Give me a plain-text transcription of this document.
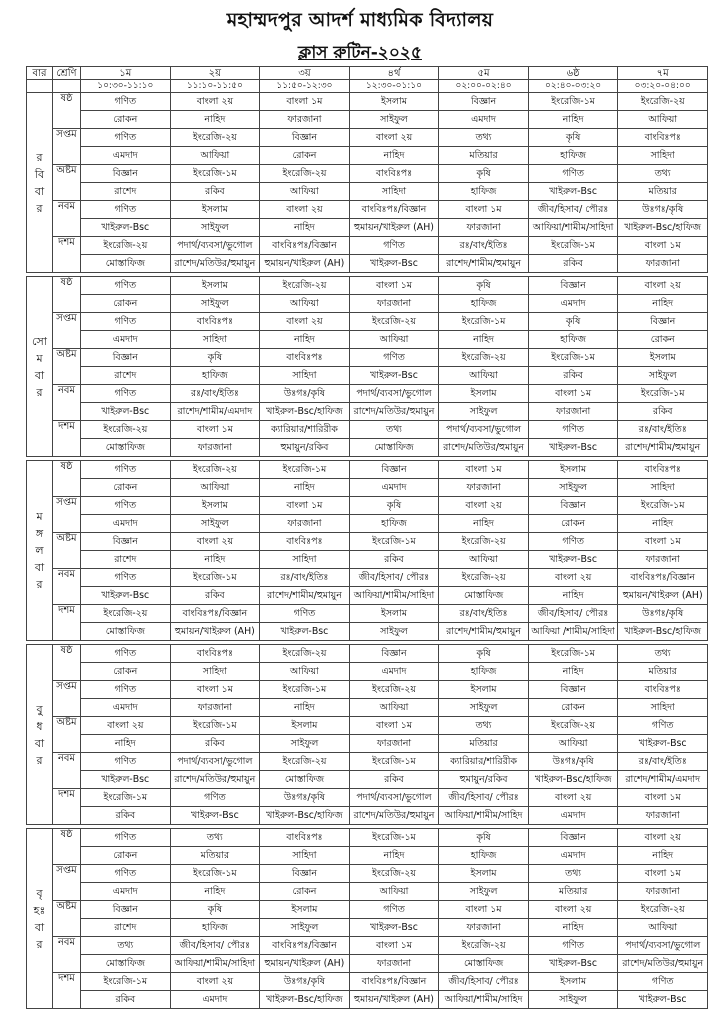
মহাম্মদপুর আদর্শ মাধ্যমিক বিদ্যালয়
ক্লাস রুটিন-২০২৫
বার	শ্রেণি	১ম	২য়	৩য়	৪র্থ	৫ম	৬ষ্ঠ	৭ম
		১০:৩০-১১:১০	১১:১০-১১:৫০	১১:৫০-১২:৩০	১২:৩০-০১:১০	০২:০০-০২:৪০	০২:৪০-০৩:২০	০৩:২০-০৪:০০

র
বি
বা
র	ষষ্ঠ	গণিত	বাংলা ২য়	বাংলা ১ম	ইসলাম	বিজ্ঞান	ইংরেজি-১ম	ইংরেজি-২য়
		রোকন	নাহিদ	ফারজানা	সাইফুল	এমদাদ	নাহিদ	আফিয়া
	সপ্তম	গণিত	ইংরেজি-২য়	বিজ্ঞান	বাংলা ২য়	তথ্য	কৃষি	বাংবিঃপঃ
		এমদাদ	আফিয়া	রোকন	নাহিদ	মতিয়ার	হাফিজ	সাহিদা
	অষ্টম	বিজ্ঞান	ইংরেজি-১ম	ইংরেজি-২য়	বাংবিঃপঃ	কৃষি	গণিত	তথ্য
		রাশেদ	রকিব	আফিয়া	সাহিদা	হাফিজ	খাইরুল-Bsc	মতিয়ার
	নবম	গণিত	ইসলাম	বাংলা ২য়	বাংবিঃপঃ/বিজ্ঞান	বাংলা ১ম	জীব/হিসাব/ পৌরঃ	উঃগঃ/কৃষি
		খাইরুল-Bsc	সাইফুল	নাহিদ	হুমায়ন/খাইরুল (AH)	ফারজানা	আফিয়া/শামীম/সাহিদা	খাইরুল-Bsc/হাফিজ
	দশম	ইংরেজি-২য়	পদার্থ/ব্যবসা/ভুগোল	বাংবিঃপঃ/বিজ্ঞান	গণিত	রঃ/বাং/ইতিঃ	ইংরেজি-১ম	বাংলা ১ম
		মোস্তাফিজ	রাশেদ/মতিউর/হুমায়ুন	হুমায়ন/খাইরুল (AH)	খাইরুল-Bsc	রাশেদ/শামীম/হুমায়ুন	রকিব	ফারজানা

সো
ম
বা
র	ষষ্ঠ	গণিত	ইসলাম	ইংরেজি-২য়	বাংলা ১ম	কৃষি	বিজ্ঞান	বাংলা ২য়
		রোকন	সাইফুল	আফিয়া	ফারজানা	হাফিজ	এমদাদ	নাহিদ
	সপ্তম	গণিত	বাংবিঃপঃ	বাংলা ২য়	ইংরেজি-২য়	ইংরেজি-১ম	কৃষি	বিজ্ঞান
		এমদাদ	সাহিদা	নাহিদ	আফিয়া	নাহিদ	হাফিজ	রোকন
	অষ্টম	বিজ্ঞান	কৃষি	বাংবিঃপঃ	গণিত	ইংরেজি-২য়	ইংরেজি-১ম	ইসলাম
		রাশেদ	হাফিজ	সাহিদা	খাইরুল-Bsc	আফিয়া	রকিব	সাইফুল
	নবম	গণিত	রঃ/বাং/ইতিঃ	উঃগঃ/কৃষি	পদার্থ/ব্যবসা/ভুগোল	ইসলাম	বাংলা ১ম	ইংরেজি-১ম
		খাইরুল-Bsc	রাশেদ/শামীম/এমদাদ	খাইরুল-Bsc/হাফিজ	রাশেদ/মতিউর/হুমায়ুন	সাইফুল	ফারজানা	রকিব
	দশম	ইংরেজি-২য়	বাংলা ১ম	ক্যারিয়ার/শারিরীক	তথ্য	পদার্থ/ব্যবসা/ভুগোল	গণিত	রঃ/বাং/ইতিঃ
		মোস্তাফিজ	ফারজানা	হুমায়ুন/রকিব	মোস্তাফিজ	রাশেদ/মতিউর/হুমায়ুন	খাইরুল-Bsc	রাশেদ/শামীম/হুমায়ুন

ম
ঙ্গ
ল
বা
র	ষষ্ঠ	গণিত	ইংরেজি-২য়	ইংরেজি-১ম	বিজ্ঞান	বাংলা ১ম	ইসলাম	বাংবিঃপঃ
		রোকন	আফিয়া	নাহিদ	এমদাদ	ফারজানা	সাইফুল	সাহিদা
	সপ্তম	গণিত	ইসলাম	বাংলা ১ম	কৃষি	বাংলা ২য়	বিজ্ঞান	ইংরেজি-১ম
		এমদাদ	সাইফুল	ফারজানা	হাফিজ	নাহিদ	রোকন	নাহিদ
	অষ্টম	বিজ্ঞান	বাংলা ২য়	বাংবিঃপঃ	ইংরেজি-১ম	ইংরেজি-২য়	গণিত	বাংলা ১ম
		রাশেদ	নাহিদ	সাহিদা	রকিব	আফিয়া	খাইরুল-Bsc	ফারজানা
	নবম	গণিত	ইংরেজি-১ম	রঃ/বাং/ইতিঃ	জীব/হিসাব/ পৌরঃ	ইংরেজি-২য়	বাংলা ২য়	বাংবিঃপঃ/বিজ্ঞান
		খাইরুল-Bsc	রকিব	রাশেদ/শামীম/হুমায়ুন	আফিয়া/শামীম/সাহিদা	মোস্তাফিজ	নাহিদ	হুমায়ন/খাইরুল (AH)
	দশম	ইংরেজি-২য়	বাংবিঃপঃ/বিজ্ঞান	গণিত	ইসলাম	রঃ/বাং/ইতিঃ	জীব/হিসাব/ পৌরঃ	উঃগঃ/কৃষি
		মোস্তাফিজ	হুমায়ন/খাইরুল (AH)	খাইরুল-Bsc	সাইফুল	রাশেদ/শামীম/হুমায়ুন	আফিয়া /শামীম/সাহিদা	খাইরুল-Bsc/হাফিজ

বু
ধ
বা
র	ষষ্ঠ	গণিত	বাংবিঃপঃ	ইংরেজি-২য়	বিজ্ঞান	কৃষি	ইংরেজি-১ম	তথ্য
		রোকন	সাহিদা	আফিয়া	এমদাদ	হাফিজ	নাহিদ	মতিয়ার
	সপ্তম	গণিত	বাংলা ১ম	ইংরেজি-১ম	ইংরেজি-২য়	ইসলাম	বিজ্ঞান	বাংবিঃপঃ
		এমদাদ	ফারজানা	নাহিদ	আফিয়া	সাইফুল	রোকন	সাহিদা
	অষ্টম	বাংলা ২য়	ইংরেজি-১ম	ইসলাম	বাংলা ১ম	তথ্য	ইংরেজি-২য়	গণিত
		নাহিদ	রকিব	সাইফুল	ফারজানা	মতিয়ার	আফিয়া	খাইরুল-Bsc
	নবম	গণিত	পদার্থ/ব্যবসা/ভুগোল	ইংরেজি-২য়	ইংরেজি-১ম	ক্যারিয়ার/শারিরীক	উঃগঃ/কৃষি	রঃ/বাং/ইতিঃ
		খাইরুল-Bsc	রাশেদ/মতিউর/হুমায়ুন	মোস্তাফিজ	রকিব	হুমায়ুন/রকিব	খাইরুল-Bsc/হাফিজ	রাশেদ/শামীম/এমদাদ
	দশম	ইংরেজি-১ম	গণিত	উঃগঃ/কৃষি	পদার্থ/ব্যবসা/ভুগোল	জীব/হিসাব/ পৌরঃ	বাংলা ২য়	বাংলা ১ম
		রকিব	খাইরুল-Bsc	খাইরুল-Bsc/হাফিজ	রাশেদ/মতিউর/হুমায়ুন	আফিয়া/শামীম/সাহিদ	এমদাদ	ফারজানা

বৃ
হঃ
বা
র	ষষ্ঠ	গণিত	তথ্য	বাংবিঃপঃ	ইংরেজি-১ম	কৃষি	বিজ্ঞান	বাংলা ২য়
		রোকন	মতিয়ার	সাহিদা	নাহিদ	হাফিজ	এমদাদ	নাহিদ
	সপ্তম	গণিত	ইংরেজি-১ম	বিজ্ঞান	ইংরেজি-২য়	ইসলাম	তথ্য	বাংলা ১ম
		এমদাদ	নাহিদ	রোকন	আফিয়া	সাইফুল	মতিয়ার	ফারজানা
	অষ্টম	বিজ্ঞান	কৃষি	ইসলাম	গণিত	বাংলা ১ম	বাংলা ২য়	ইংরেজি-২য়
		রাশেদ	হাফিজ	সাইফুল	খাইরুল-Bsc	ফারজানা	নাহিদ	আফিয়া
	নবম	তথ্য	জীব/হিসাব/ পৌরঃ	বাংবিঃপঃ/বিজ্ঞান	বাংলা ১ম	ইংরেজি-২য়	গণিত	পদার্থ/ব্যবসা/ভুগোল
		মোস্তাফিজ	আফিয়া/শামীম/সাহিদা	হুমায়ন/খাইরুল (AH)	ফারজানা	মোস্তাফিজ	খাইরুল-Bsc	রাশেদ/মতিউর/হুমায়ুন
	দশম	ইংরেজি-১ম	বাংলা ২য়	উঃগঃ/কৃষি	বাংবিঃপঃ/বিজ্ঞান	জীব/হিসাব/ পৌরঃ	ইসলাম	গণিত
		রকিব	এমদাদ	খাইরুল-Bsc/হাফিজ	হুমায়ন/খাইরুল (AH)	আফিয়া/শামীম/সাহিদ	সাইফুল	খাইরুল-Bsc
